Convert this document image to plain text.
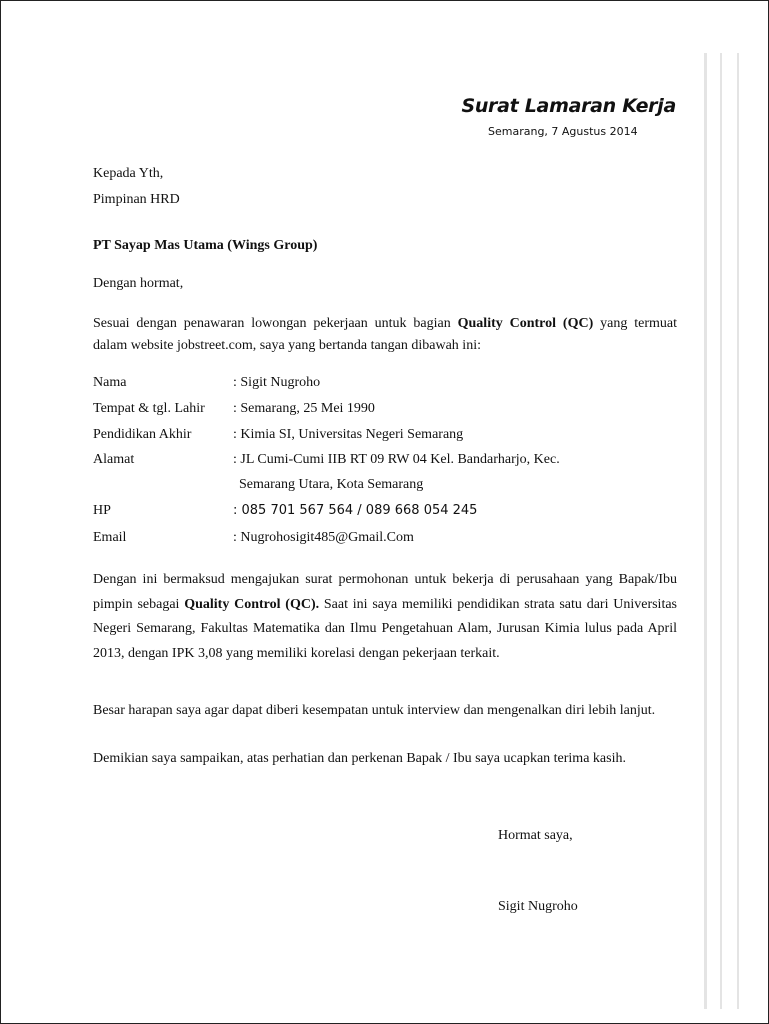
Surat Lamaran Kerja
Semarang, 7 Agustus 2014
Kepada Yth,
Pimpinan HRD
PT Sayap Mas Utama (Wings Group)
Dengan hormat,
Sesuai dengan penawaran lowongan pekerjaan untuk bagian Quality Control (QC) yang termuat dalam website jobstreet.com, saya yang bertanda tangan dibawah ini:
Nama	: Sigit Nugroho
Tempat & tgl. Lahir : Semarang, 25 Mei 1990
Pendidikan Akhir	: Kimia SI, Universitas Negeri Semarang
Alamat	: JL Cumi-Cumi IIB RT 09 RW 04 Kel. Bandarharjo, Kec.
Semarang Utara, Kota Semarang
HP	: 085 701 567 564 / 089 668 054 245
Email	: Nugrohosigit485@Gmail.Com
Dengan ini bermaksud mengajukan surat permohonan untuk bekerja di perusahaan yang Bapak/Ibu pimpin sebagai Quality Control (QC). Saat ini saya memiliki pendidikan strata satu dari Universitas Negeri Semarang, Fakultas Matematika dan Ilmu Pengetahuan Alam, Jurusan Kimia lulus pada April 2013, dengan IPK 3,08 yang memiliki korelasi dengan pekerjaan terkait.
Besar harapan saya agar dapat diberi kesempatan untuk interview dan mengenalkan diri lebih lanjut.
Demikian saya sampaikan, atas perhatian dan perkenan Bapak / Ibu saya ucapkan terima kasih.
Hormat saya,
Sigit Nugroho
